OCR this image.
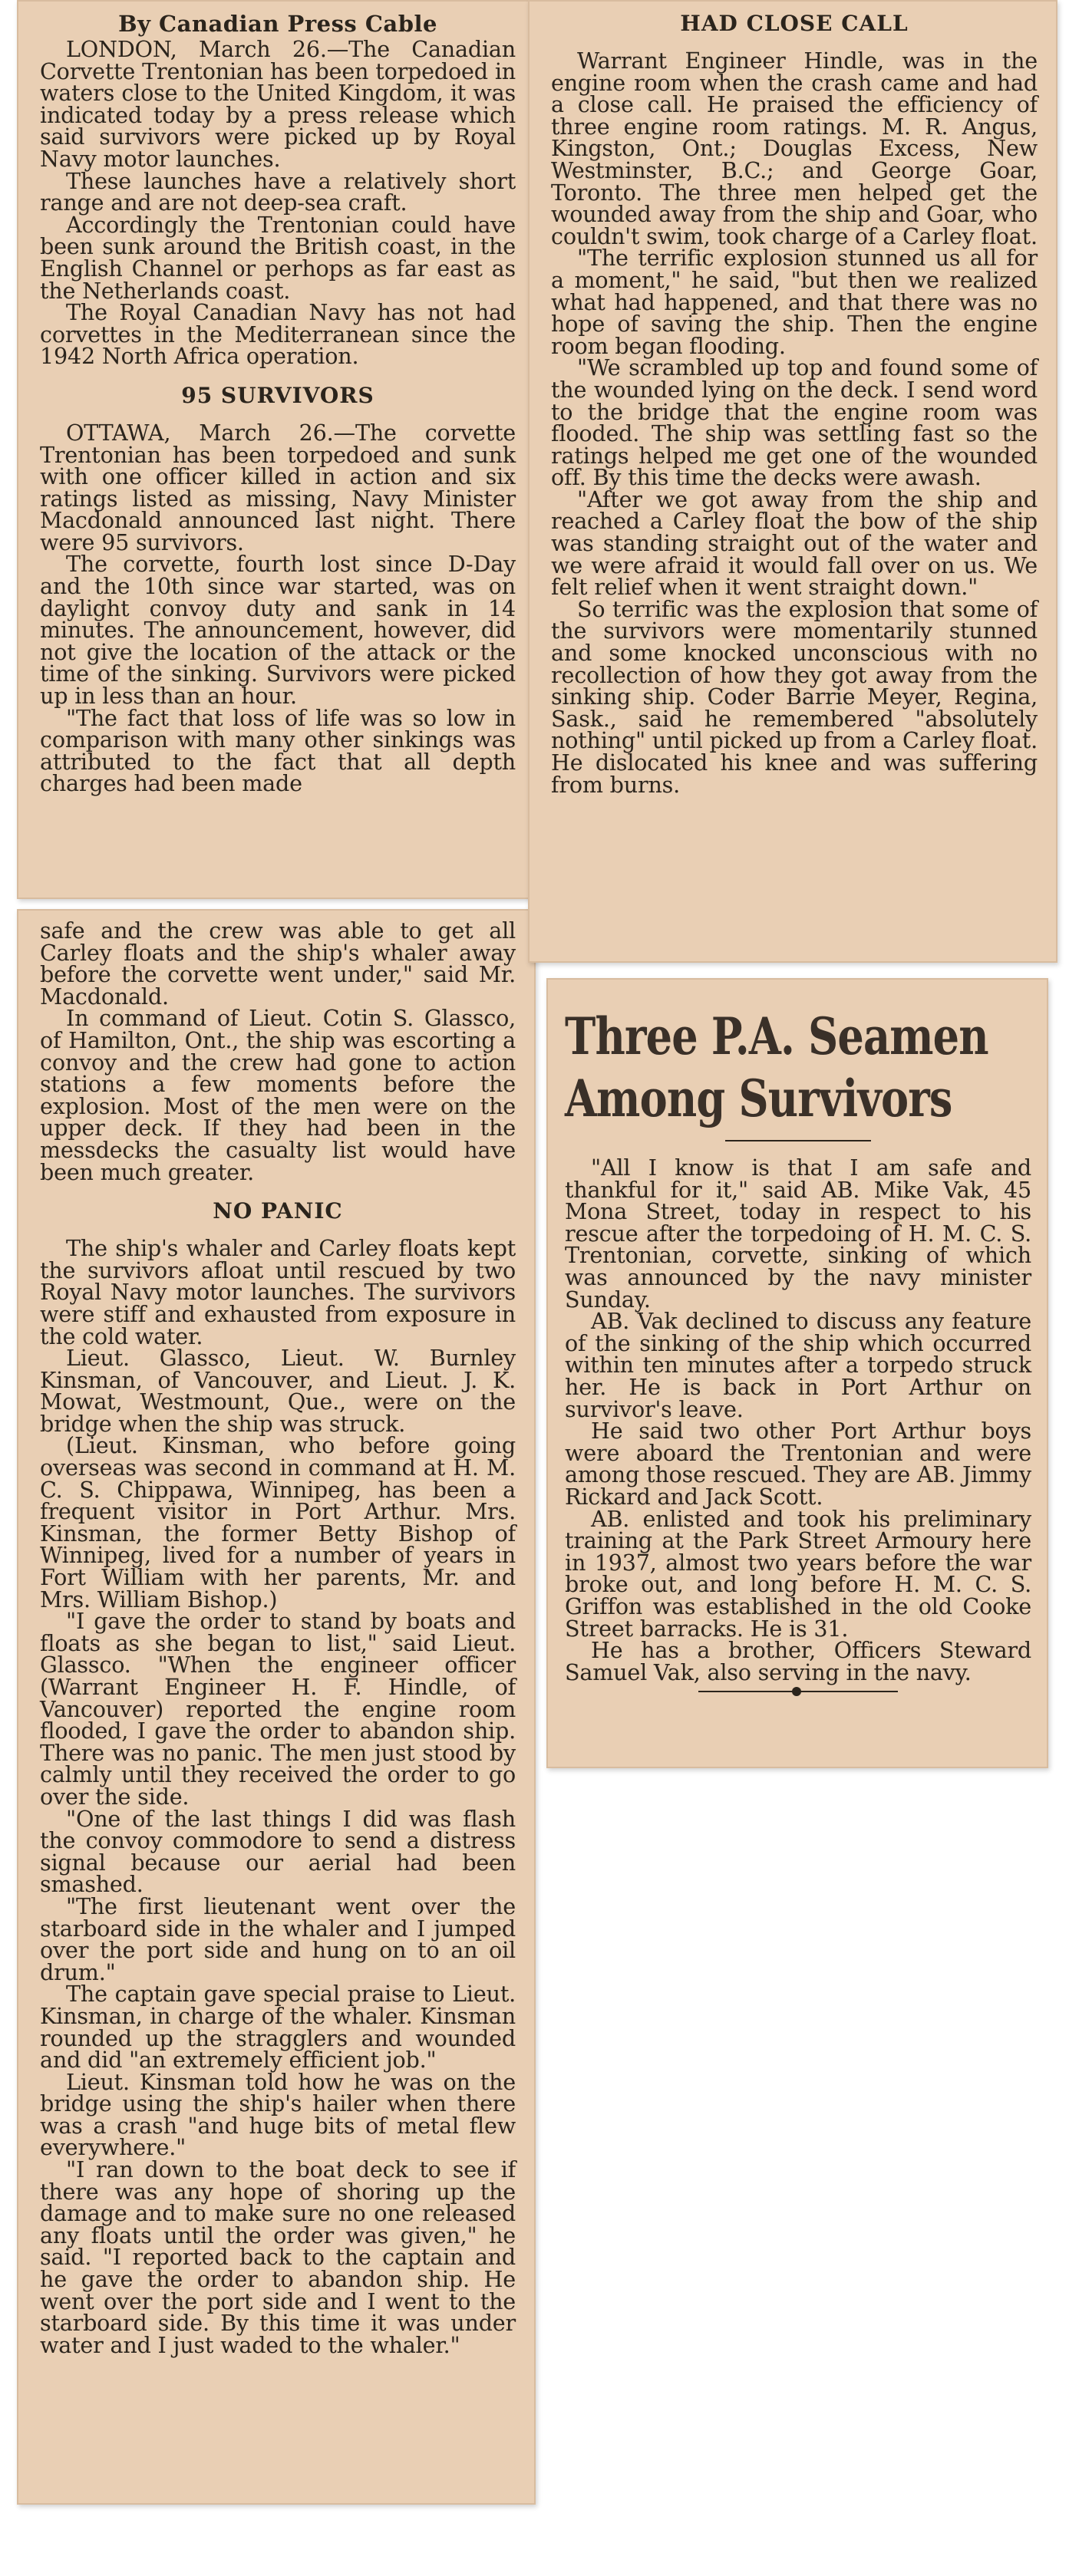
By Canadian Press Cable

LONDON, March 26.—The Canadian Corvette Trentonian has been torpedoed in waters close to the United Kingdom, it was indicated today by a press release which said survivors were picked up by Royal Navy motor launches.

These launches have a relatively short range and are not deep-sea craft.

Accordingly the Trentonian could have been sunk around the British coast, in the English Channel or perhops as far east as the Netherlands coast.

The Royal Canadian Navy has not had corvettes in the Mediterranean since the 1942 North Africa operation.

95 SURVIVORS

OTTAWA, March 26.—The corvette Trentonian has been torpedoed and sunk with one officer killed in action and six ratings listed as missing, Navy Minister Macdonald announced last night. There were 95 survivors.

The corvette, fourth lost since D-Day and the 10th since war started, was on daylight convoy duty and sank in 14 minutes. The announcement, however, did not give the location of the attack or the time of the sinking. Survivors were picked up in less than an hour.

"The fact that loss of life was so low in comparison with many other sinkings was attributed to the fact that all depth charges had been made

safe and the crew was able to get all Carley floats and the ship's whaler away before the corvette went under," said Mr. Macdonald.

In command of Lieut. Cotin S. Glassco, of Hamilton, Ont., the ship was escorting a convoy and the crew had gone to action stations a few moments before the explosion. Most of the men were on the upper deck. If they had been in the messdecks the casualty list would have been much greater.

NO PANIC

The ship's whaler and Carley floats kept the survivors afloat until rescued by two Royal Navy motor launches. The survivors were stiff and exhausted from exposure in the cold water.

Lieut. Glassco, Lieut. W. Burnley Kinsman, of Vancouver, and Lieut. J. K. Mowat, Westmount, Que., were on the bridge when the ship was struck.

(Lieut. Kinsman, who before going overseas was second in command at H. M. C. S. Chippawa, Winnipeg, has been a frequent visitor in Port Arthur. Mrs. Kinsman, the former Betty Bishop of Winnipeg, lived for a number of years in Fort William with her parents, Mr. and Mrs. William Bishop.)

"I gave the order to stand by boats and floats as she began to list," said Lieut. Glassco. "When the engineer officer (Warrant Engineer H. F. Hindle, of Vancouver) reported the engine room flooded, I gave the order to abandon ship. There was no panic. The men just stood by calmly until they received the order to go over the side.

"One of the last things I did was flash the convoy commodore to send a distress signal because our aerial had been smashed.

"The first lieutenant went over the starboard side in the whaler and I jumped over the port side and hung on to an oil drum."

The captain gave special praise to Lieut. Kinsman, in charge of the whaler. Kinsman rounded up the stragglers and wounded and did "an extremely efficient job."

Lieut. Kinsman told how he was on the bridge using the ship's hailer when there was a crash "and huge bits of metal flew everywhere."

"I ran down to the boat deck to see if there was any hope of shoring up the damage and to make sure no one released any floats until the order was given," he said. "I reported back to the captain and he gave the order to abandon ship. He went over the port side and I went to the starboard side. By this time it was under water and I just waded to the whaler."

HAD CLOSE CALL

Warrant Engineer Hindle, was in the engine room when the crash came and had a close call. He praised the efficiency of three engine room ratings. M. R. Angus, Kingston, Ont.; Douglas Excess, New Westminster, B.C.; and George Goar, Toronto. The three men helped get the wounded away from the ship and Goar, who couldn't swim, took charge of a Carley float.

"The terrific explosion stunned us all for a moment," he said, "but then we realized what had happened, and that there was no hope of saving the ship. Then the engine room began flooding.

"We scrambled up top and found some of the wounded lying on the deck. I send word to the bridge that the engine room was flooded. The ship was settling fast so the ratings helped me get one of the wounded off. By this time the decks were awash.

"After we got away from the ship and reached a Carley float the bow of the ship was standing straight out of the water and we were afraid it would fall over on us. We felt relief when it went straight down."

So terrific was the explosion that some of the survivors were momentarily stunned and some knocked unconscious with no recollection of how they got away from the sinking ship. Coder Barrie Meyer, Regina, Sask., said he remembered "absolutely nothing" until picked up from a Carley float. He dislocated his knee and was suffering from burns.

Three P.A. Seamen
Among Survivors

"All I know is that I am safe and thankful for it," said AB. Mike Vak, 45 Mona Street, today in respect to his rescue after the torpedoing of H. M. C. S. Trentonian, corvette, sinking of which was announced by the navy minister Sunday.

AB. Vak declined to discuss any feature of the sinking of the ship which occurred within ten minutes after a torpedo struck her. He is back in Port Arthur on survivor's leave.

He said two other Port Arthur boys were aboard the Trentonian and were among those rescued. They are AB. Jimmy Rickard and Jack Scott.

AB. enlisted and took his preliminary training at the Park Street Armoury here in 1937, almost two years before the war broke out, and long before H. M. C. S. Griffon was established in the old Cooke Street barracks. He is 31.

He has a brother, Officers Steward Samuel Vak, also serving in the navy.
